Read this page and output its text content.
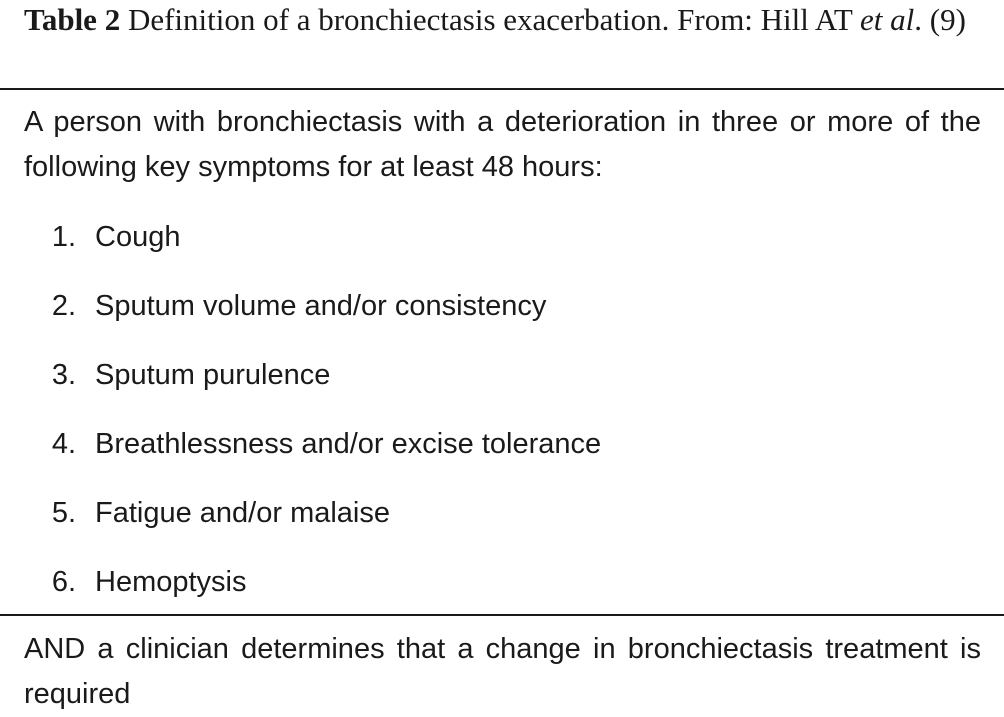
Table 2 Definition of a bronchiectasis exacerbation. From: Hill AT et al. (9)
A person with bronchiectasis with a deterioration in three or more of the following key symptoms for at least 48 hours:
1. Cough
2. Sputum volume and/or consistency
3. Sputum purulence
4. Breathlessness and/or excise tolerance
5. Fatigue and/or malaise
6. Hemoptysis
AND a clinician determines that a change in bronchiectasis treatment is required
